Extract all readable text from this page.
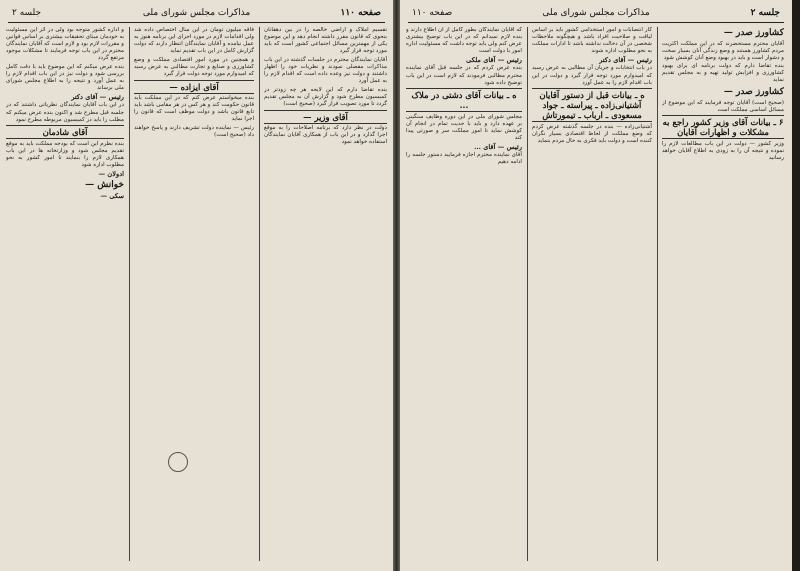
صفحه ۱۱۰
مذاکرات مجلس شورای ملی
جلسه ۲

و اداره کشور متوجه بود ولی در اثر این مسئولیت به خودمان مبنای تحقیقات بیشتری بر اساس قوانین و مقررات لازم بود و لازم است که آقایان نمایندگان محترم در این باب توجه فرمایند تا مشکلات موجود مرتفع گردد

بنده عرض میکنم که این موضوع باید با دقت کامل بررسی شود و دولت نیز در این باب اقدام لازم را به عمل آورد و نتیجه را به اطلاع مجلس شورای ملی برساند

رئیس — آقای دکتر

در این باب آقایان نمایندگان نظریاتی داشتند که در جلسه قبل مطرح شد و اکنون بنده عرض میکنم که مطلب را باید در کمیسیون مربوطه مطرح نمود

آقای شادمان

بنده نظرم این است که بودجه مملکت باید به موقع تقدیم مجلس شود و وزارتخانه ها در این باب همکاری لازم را بنمایند تا امور کشور به نحو مطلوب اداره شود

ادولان —

خوانش —

سکی —

فاقه میلیون تومان در این سال اختصاص داده شد ولی اقدامات لازم در مورد اجرای این برنامه هنوز به عمل نیامده و آقایان نمایندگان انتظار دارند که دولت گزارش کامل در این باب تقدیم نماید

و همچنین در مورد امور اقتصادی مملکت و وضع کشاورزی و صنایع و تجارت مطالبی به عرض رسید که امیدوارم مورد توجه دولت قرار گیرد

آقای ایزاده —

بنده میخواستم عرض کنم که در این مملکت باید قانون حکومت کند و هر کس در هر مقامی باشد باید تابع قانون باشد و دولت موظف است که قانون را اجرا نماید

رئیس — نماینده دولت تشریف دارند و پاسخ خواهند داد (صحیح است)

تقسیم املاک و اراضی خالصه را در بین دهقانان بنحوی که قانون مقرر داشته انجام دهد و این موضوع یکی از مهمترین مسائل اجتماعی کشور است که باید مورد توجه قرار گیرد

آقایان نمایندگان محترم در جلسات گذشته در این باب مذاکرات مفصلی نمودند و نظریات خود را اظهار داشتند و دولت نیز وعده داده است که اقدام لازم را به عمل آورد

بنده تقاضا دارم که این لایحه هر چه زودتر در کمیسیون مطرح شود و گزارش آن به مجلس تقدیم گردد تا مورد تصویب قرار گیرد (صحیح است)

آقای وزیر —

دولت در نظر دارد که برنامه اصلاحات را به موقع اجرا گذارد و در این باب از همکاری آقایان نمایندگان استفاده خواهد نمود

جلسه ۲
مذاکرات مجلس شورای ملی
صفحه ۱۱۰

که آقایان نمایندگان بطور کامل از آن اطلاع دارند و بنده لازم نمیدانم که در این باب توضیح بیشتری عرض کنم ولی باید توجه داشت که مسئولیت اداره امور با دولت است

رئیس — آقای ملکی

بنده عرض کردم که در جلسه قبل آقای نماینده محترم مطالبی فرمودند که لازم است در این باب توضیح داده شود

ه ـ بیانات آقای دشتی در ملاک ...

مجلس شورای ملی در این دوره وظایف سنگینی بر عهده دارد و باید با جدیت تمام در انجام آن کوشش نماید تا امور مملکت سر و صورتی پیدا کند

رئیس — آقای ...

آقای نماینده محترم اجازه فرمایید دستور جلسه را ادامه دهیم

کار انتصابات و امور استخدامی کشور باید بر اساس لیاقت و صلاحیت افراد باشد و هیچگونه ملاحظات شخصی در آن دخالت نداشته باشد تا ادارات مملکت به نحو مطلوب اداره شوند

رئیس — آقای دکتر

در باب انتخابات و جریان آن مطالبی به عرض رسید که امیدوارم مورد توجه قرار گیرد و دولت در این باب اقدام لازم را به عمل آورد

ه ـ بیانات قبل از دستور آقایان آشتیانی‌زاده ـ پیراسته ـ جواد مسعودی ـ ارباب ـ تیمورتاش

آشتیانی‌زاده — بنده در جلسه گذشته عرض کردم که وضع مملکت از لحاظ اقتصادی بسیار نگران کننده است و دولت باید فکری به حال مردم بنماید

کشاورز صدر —

آقایان محترم مستحضرند که در این مملکت اکثریت مردم کشاورز هستند و وضع زندگی آنان بسیار سخت و دشوار است و باید در بهبود وضع آنان کوشش شود

بنده تقاضا دارم که دولت برنامه ای برای بهبود کشاورزی و افزایش تولید تهیه و به مجلس تقدیم نماید

کشاورز صدر —

(صحیح است) آقایان توجه فرمایند که این موضوع از مسائل اساسی مملکت است

۶ ـ بیانات آقای وزیر کشور راجع به مشکلات و اظهارات آقایان

وزیر کشور — دولت در این باب مطالعات لازم را نموده و نتیجه آن را به زودی به اطلاع آقایان خواهد رسانید
